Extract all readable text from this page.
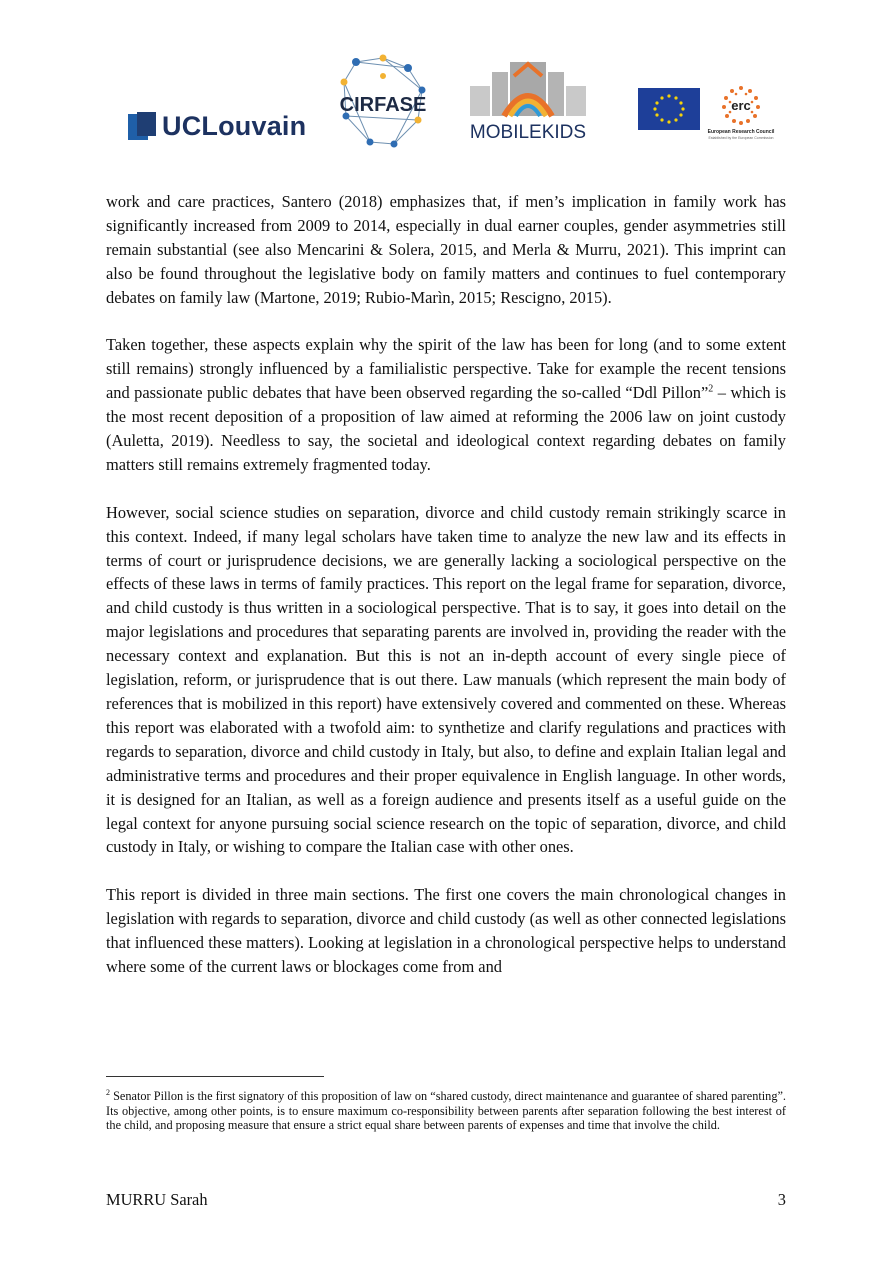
UCLouvain
CIRFASE
MOBILEKIDS
erc
European Research Council
Established by the European Commission

work and care practices, Santero (2018) emphasizes that, if men’s implication in family work has significantly increased from 2009 to 2014, especially in dual earner couples, gender asymmetries still remain substantial (see also Mencarini & Solera, 2015, and Merla & Murru, 2021). This imprint can also be found throughout the legislative body on family matters and continues to fuel contemporary debates on family law (Martone, 2019; Rubio-Marìn, 2015; Rescigno, 2015).

Taken together, these aspects explain why the spirit of the law has been for long (and to some extent still remains) strongly influenced by a familialistic perspective. Take for example the recent tensions and passionate public debates that have been observed regarding the so-called “Ddl Pillon”$^2$ – which is the most recent deposition of a proposition of law aimed at reforming the 2006 law on joint custody (Auletta, 2019). Needless to say, the societal and ideological context regarding debates on family matters still remains extremely fragmented today.

However, social science studies on separation, divorce and child custody remain strikingly scarce in this context. Indeed, if many legal scholars have taken time to analyze the new law and its effects in terms of court or jurisprudence decisions, we are generally lacking a sociological perspective on the effects of these laws in terms of family practices. This report on the legal frame for separation, divorce, and child custody is thus written in a sociological perspective. That is to say, it goes into detail on the major legislations and procedures that separating parents are involved in, providing the reader with the necessary context and explanation. But this is not an in-depth account of every single piece of legislation, reform, or jurisprudence that is out there. Law manuals (which represent the main body of references that is mobilized in this report) have extensively covered and commented on these. Whereas this report was elaborated with a twofold aim: to synthetize and clarify regulations and practices with regards to separation, divorce and child custody in Italy, but also, to define and explain Italian legal and administrative terms and procedures and their proper equivalence in English language. In other words, it is designed for an Italian, as well as a foreign audience and presents itself as a useful guide on the legal context for anyone pursuing social science research on the topic of separation, divorce, and child custody in Italy, or wishing to compare the Italian case with other ones.

This report is divided in three main sections. The first one covers the main chronological changes in legislation with regards to separation, divorce and child custody (as well as other connected legislations that influenced these matters). Looking at legislation in a chronological perspective helps to understand where some of the current laws or blockages come from and

$^2$ Senator Pillon is the first signatory of this proposition of law on “shared custody, direct maintenance and guarantee of shared parenting”. Its objective, among other points, is to ensure maximum co-responsibility between parents after separation following the best interest of the child, and proposing measure that ensure a strict equal share between parents of expenses and time that involve the child.
MURRU Sarah	3
